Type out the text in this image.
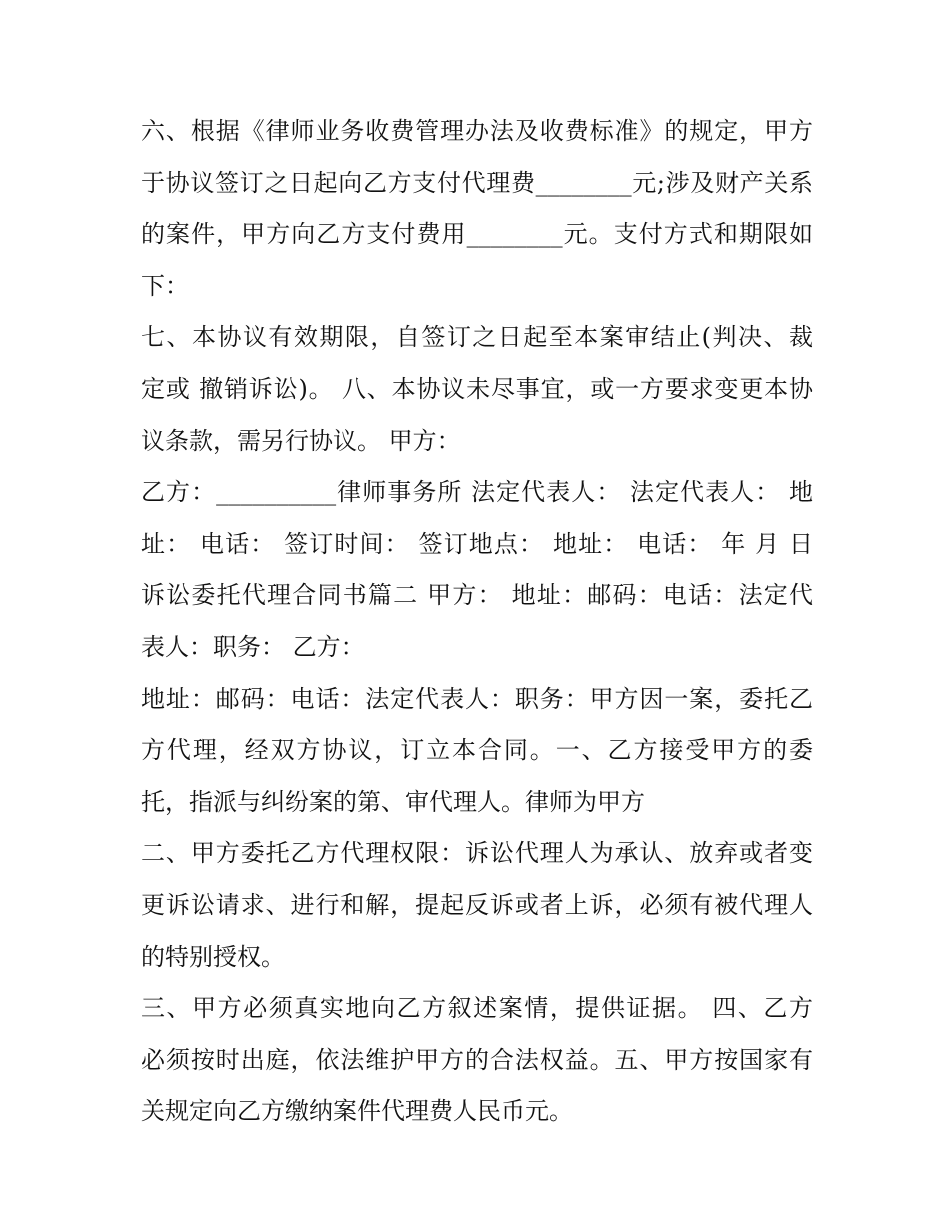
六、根据《律师业务收费管理办法及收费标准》的规定，甲方
于协议签订之日起向乙方支付代理费________元;涉及财产关系
的案件，甲方向乙方支付费用________元。支付方式和期限如
下：
七、本协议有效期限，自签订之日起至本案审结止(判决、裁
定或 撤销诉讼)。 八、本协议未尽事宜，或一方要求变更本协
议条款，需另行协议。 甲方：
乙方：__________律师事务所 法定代表人： 法定代表人： 地
址： 电话： 签订时间： 签订地点： 地址： 电话： 年 月 日
诉讼委托代理合同书篇二 甲方： 地址：邮码：电话：法定代
表人：职务： 乙方：
地址：邮码：电话：法定代表人：职务：甲方因一案，委托乙
方代理，经双方协议，订立本合同。一、乙方接受甲方的委
托，指派与纠纷案的第、审代理人。律师为甲方
二、甲方委托乙方代理权限：诉讼代理人为承认、放弃或者变
更诉讼请求、进行和解，提起反诉或者上诉，必须有被代理人
的特别授权。
三、甲方必须真实地向乙方叙述案情，提供证据。 四、乙方
必须按时出庭，依法维护甲方的合法权益。五、甲方按国家有
关规定向乙方缴纳案件代理费人民币元。
